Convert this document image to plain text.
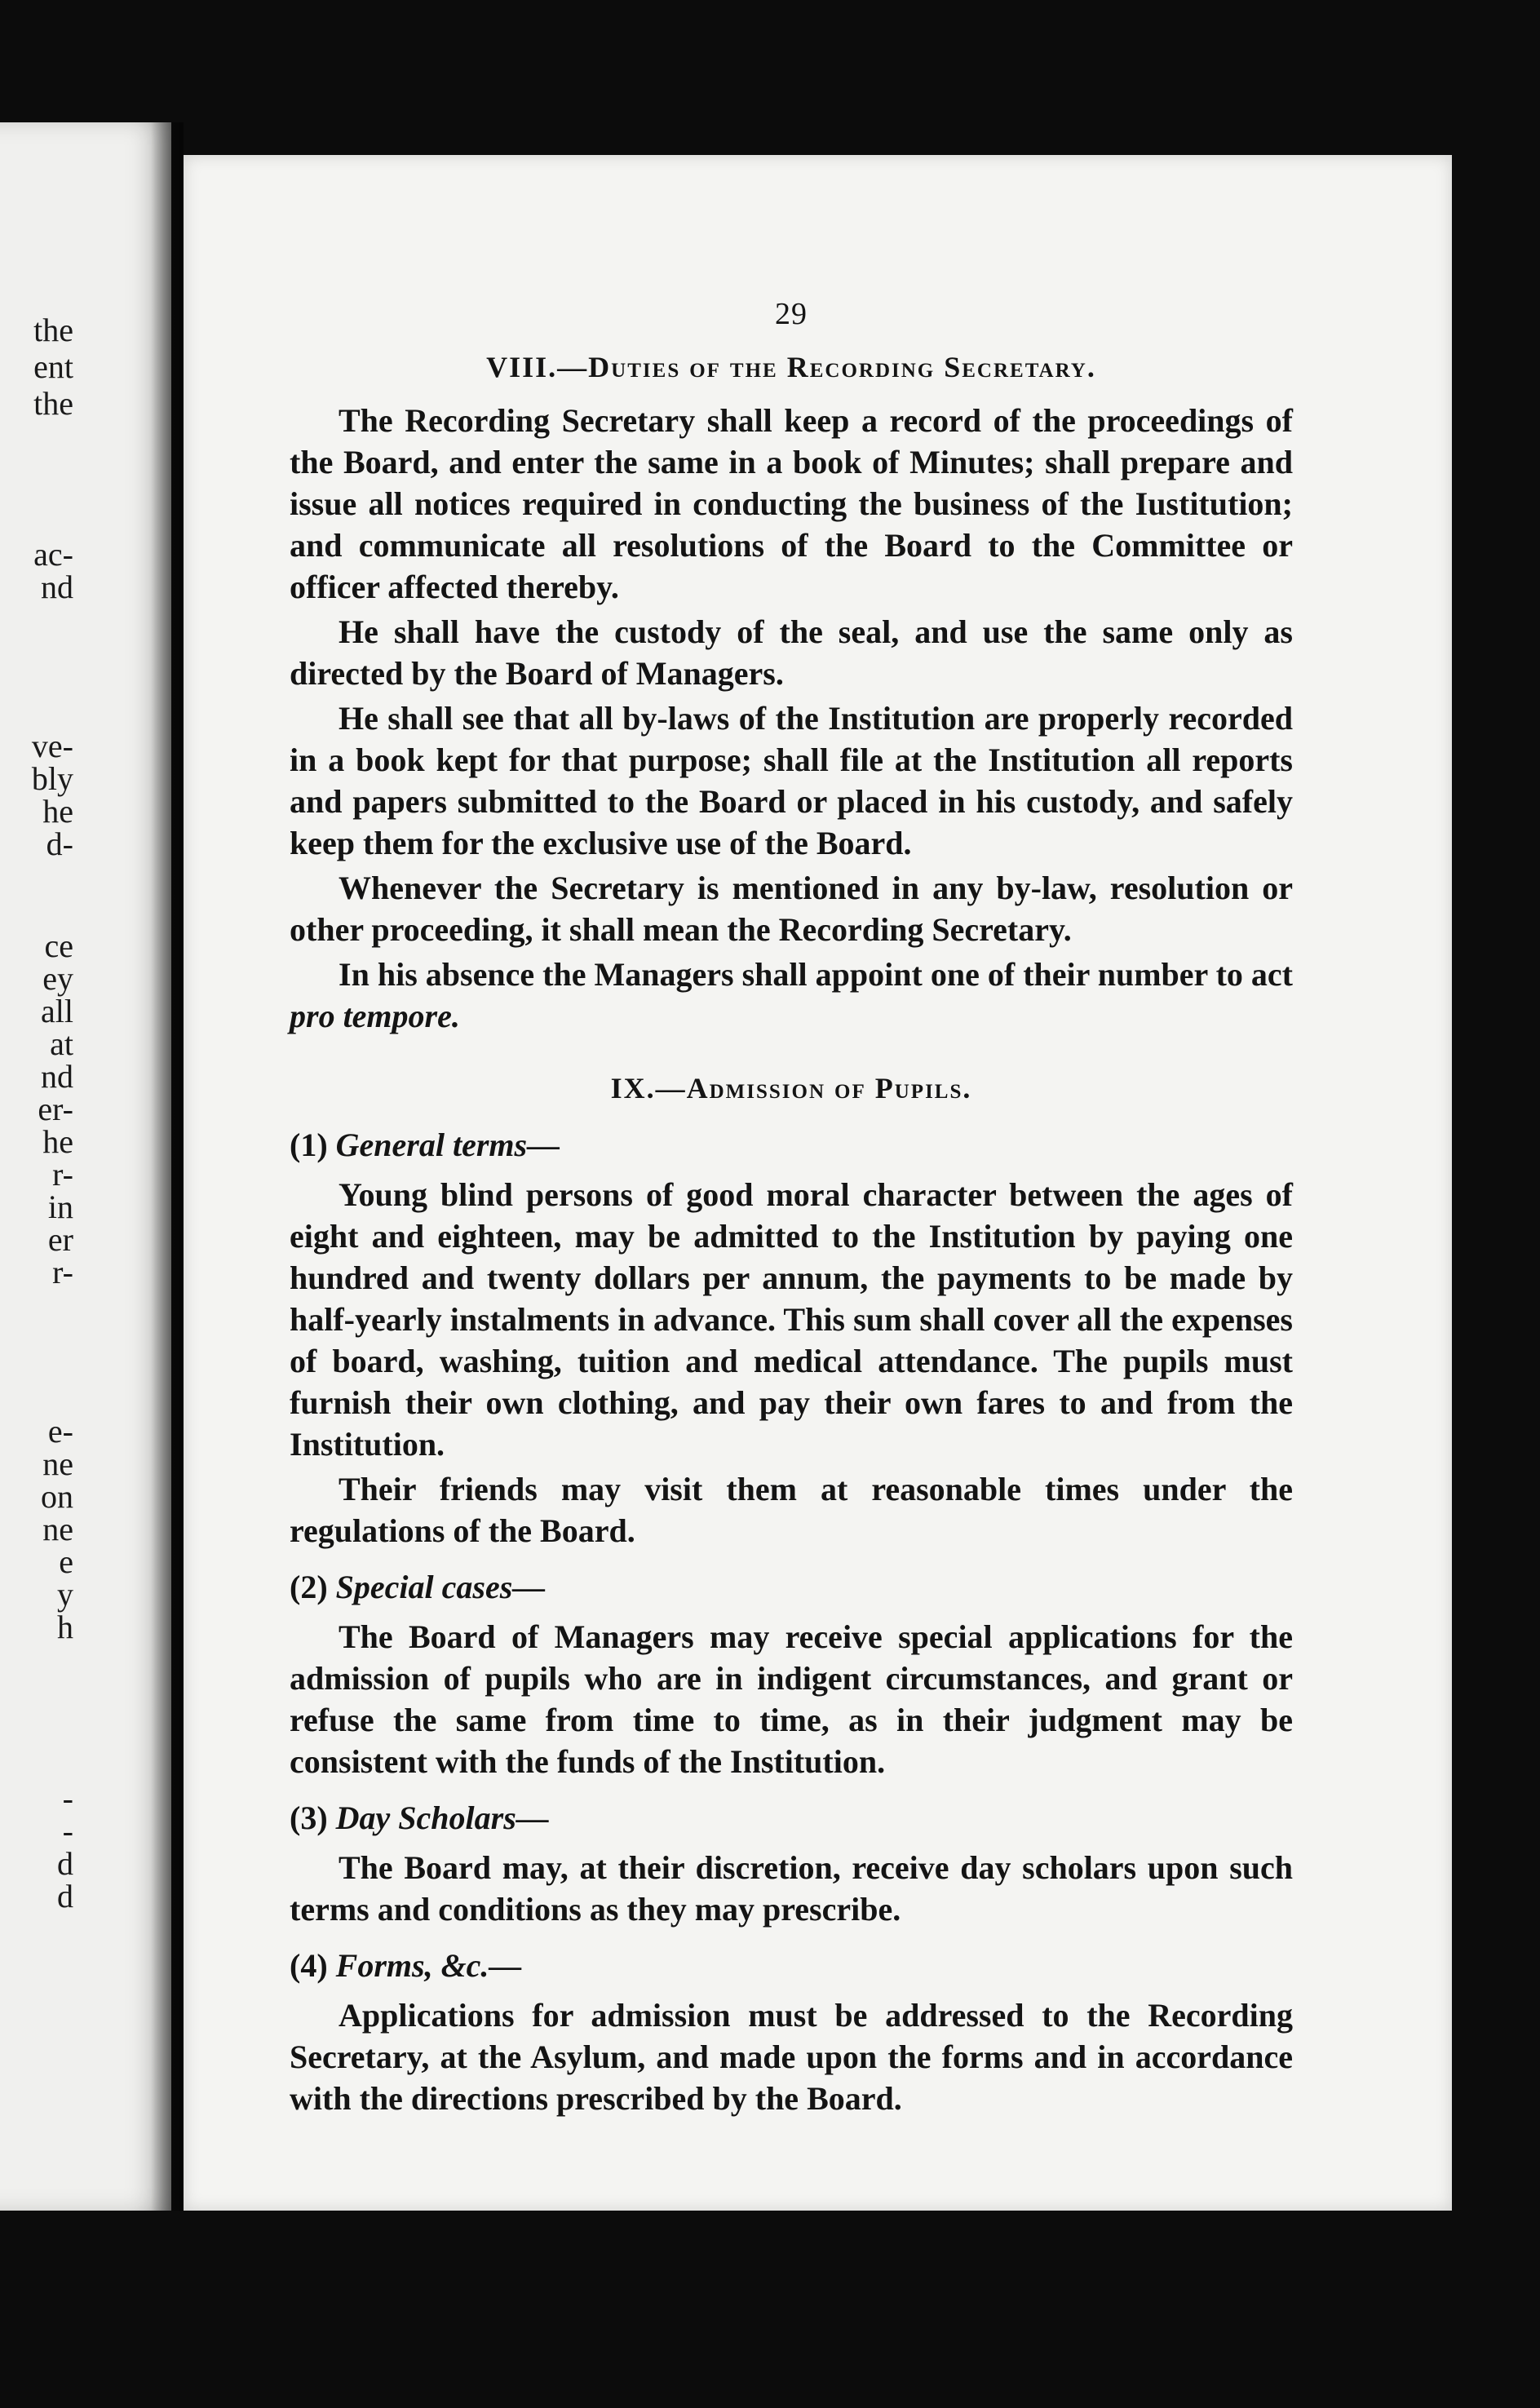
the
ent
the
ac-
nd
ve-
bly
he
d-
ce
ey
all
at
nd
er-
he
r-
in
er
r-
e-
ne
on
ne
e
y
h
-
-
d
d
29
VIII.—Duties of the Recording Secretary.

The Recording Secretary shall keep a record of the proceedings of the Board, and enter the same in a book of Minutes; shall prepare and issue all notices required in conducting the business of the Iustitution; and communicate all resolutions of the Board to the Committee or officer affected thereby.

He shall have the custody of the seal, and use the same only as directed by the Board of Managers.

He shall see that all by-laws of the Institution are properly recorded in a book kept for that purpose; shall file at the Institution all reports and papers submitted to the Board or placed in his custody, and safely keep them for the exclusive use of the Board.

Whenever the Secretary is mentioned in any by-law, resolution or other proceeding, it shall mean the Recording Secretary.

In his absence the Managers shall appoint one of their number to act pro tempore.

IX.—Admission of Pupils.
(1) General terms—

Young blind persons of good moral character between the ages of eight and eighteen, may be admitted to the Institution by paying one hundred and twenty dollars per annum, the payments to be made by half-yearly instalments in advance. This sum shall cover all the expenses of board, washing, tuition and medical attendance. The pupils must furnish their own clothing, and pay their own fares to and from the Institution.

Their friends may visit them at reasonable times under the regulations of the Board.

(2) Special cases—

The Board of Managers may receive special applications for the admission of pupils who are in indigent circumstances, and grant or refuse the same from time to time, as in their judgment may be consistent with the funds of the Institution.

(3) Day Scholars—

The Board may, at their discretion, receive day scholars upon such terms and conditions as they may prescribe.

(4) Forms, &c.—

Applications for admission must be addressed to the Recording Secretary, at the Asylum, and made upon the forms and in accordance with the directions prescribed by the Board.
